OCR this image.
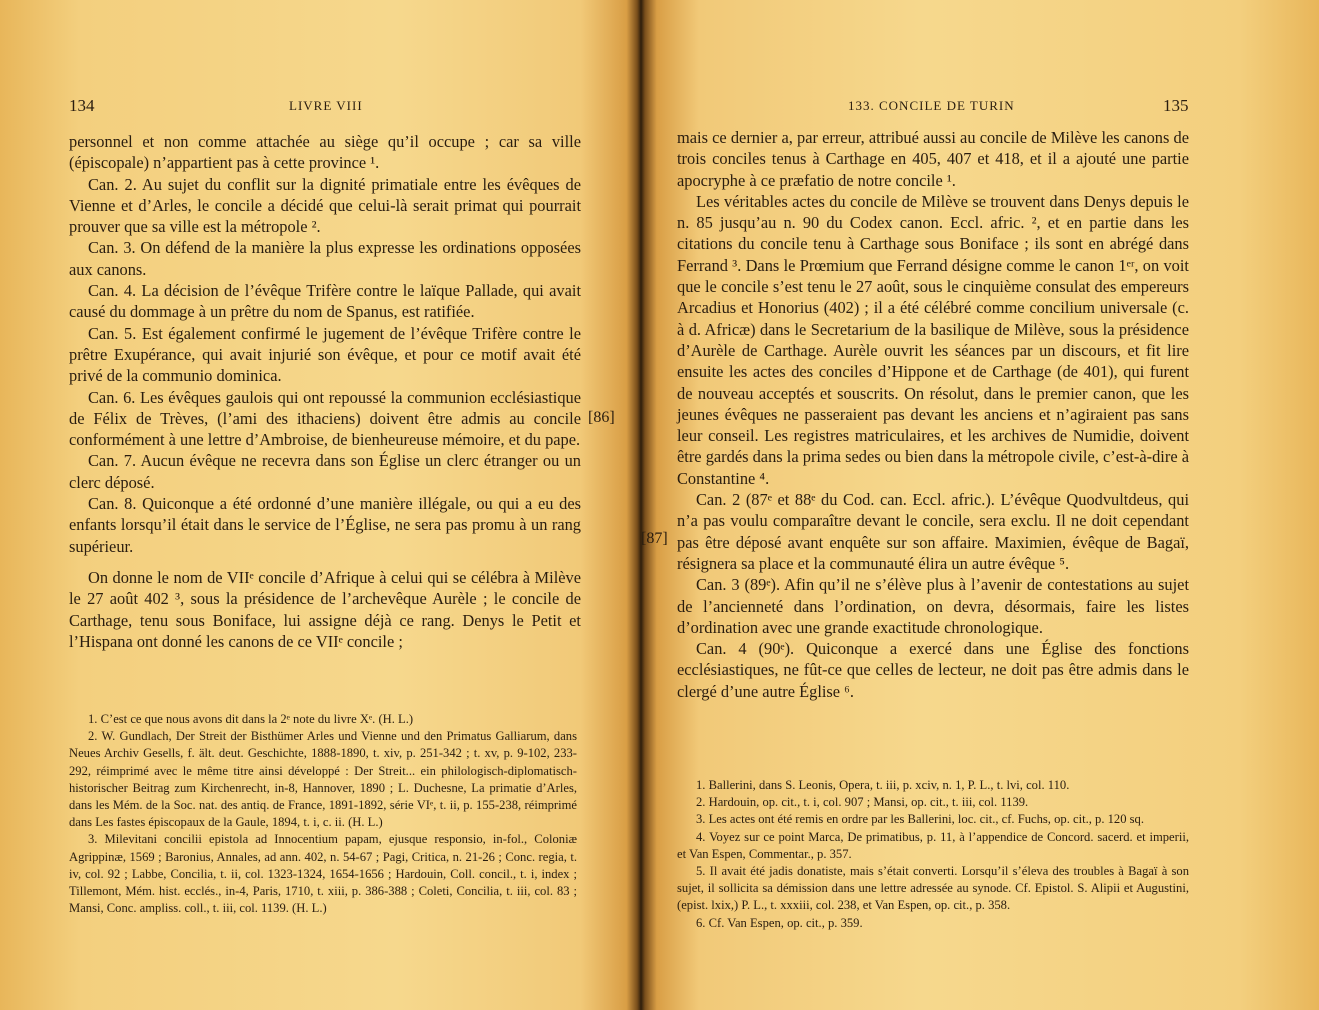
134	LIVRE VIII

personnel et non comme attachée au siège qu’il occupe ; car sa ville (épiscopale) n’appartient pas à cette province ¹.

Can. 2. Au sujet du conflit sur la dignité primatiale entre les évêques de Vienne et d’Arles, le concile a décidé que celui-là serait primat qui pourrait prouver que sa ville est la métropole ².

Can. 3. On défend de la manière la plus expresse les ordinations opposées aux canons.

Can. 4. La décision de l’évêque Trifère contre le laïque Pallade, qui avait causé du dommage à un prêtre du nom de Spanus, est ratifiée.

Can. 5. Est également confirmé le jugement de l’évêque Trifère contre le prêtre Exupérance, qui avait injurié son évêque, et pour ce motif avait été privé de la communio dominica.

Can. 6. Les évêques gaulois qui ont repoussé la communion ecclésiastique de Félix de Trèves, (l’ami des ithaciens) doivent être admis au concile conformément à une lettre d’Ambroise, de bienheureuse mémoire, et du pape.

Can. 7. Aucun évêque ne recevra dans son Église un clerc étranger ou un clerc déposé.

Can. 8. Quiconque a été ordonné d’une manière illégale, ou qui a eu des enfants lorsqu’il était dans le service de l’Église, ne sera pas promu à un rang supérieur.

On donne le nom de VIIᵉ concile d’Afrique à celui qui se célébra à Milève le 27 août 402 ³, sous la présidence de l’archevêque Aurèle ; le concile de Carthage, tenu sous Boniface, lui assigne déjà ce rang. Denys le Petit et l’Hispana ont donné les canons de ce VIIᵉ concile ;

1. C’est ce que nous avons dit dans la 2ᵉ note du livre Xᵉ. (H. L.)

2. W. Gundlach, Der Streit der Bisthümer Arles und Vienne und den Primatus Galliarum, dans Neues Archiv Gesells, f. ält. deut. Geschichte, 1888-1890, t. xiv, p. 251-342 ; t. xv, p. 9-102, 233-292, réimprimé avec le même titre ainsi développé : Der Streit... ein philologisch-diplomatisch-historischer Beitrag zum Kirchenrecht, in-8, Hannover, 1890 ; L. Duchesne, La primatie d’Arles, dans les Mém. de la Soc. nat. des antiq. de France, 1891-1892, série VIᵉ, t. ii, p. 155-238, réimprimé dans Les fastes épiscopaux de la Gaule, 1894, t. i, c. ii. (H. L.)

3. Milevitani concilii epistola ad Innocentium papam, ejusque responsio, in-fol., Coloniæ Agrippinæ, 1569 ; Baronius, Annales, ad ann. 402, n. 54-67 ; Pagi, Critica, n. 21-26 ; Conc. regia, t. iv, col. 92 ; Labbe, Concilia, t. ii, col. 1323-1324, 1654-1656 ; Hardouin, Coll. concil., t. i, index ; Tillemont, Mém. hist. ecclés., in-4, Paris, 1710, t. xiii, p. 386-388 ; Coleti, Concilia, t. iii, col. 83 ; Mansi, Conc. ampliss. coll., t. iii, col. 1139. (H. L.)

[86]
133. CONCILE DE TURIN	135

mais ce dernier a, par erreur, attribué aussi au concile de Milève les canons de trois conciles tenus à Carthage en 405, 407 et 418, et il a ajouté une partie apocryphe à ce præfatio de notre concile ¹.

Les véritables actes du concile de Milève se trouvent dans Denys depuis le n. 85 jusqu’au n. 90 du Codex canon. Eccl. afric. ², et en partie dans les citations du concile tenu à Carthage sous Boniface ; ils sont en abrégé dans Ferrand ³. Dans le Prœmium que Ferrand désigne comme le canon 1ᵉʳ, on voit que le concile s’est tenu le 27 août, sous le cinquième consulat des empereurs Arcadius et Honorius (402) ; il a été célébré comme concilium universale (c. à d. Africæ) dans le Secretarium de la basilique de Milève, sous la présidence d’Aurèle de Carthage. Aurèle ouvrit les séances par un discours, et fit lire ensuite les actes des conciles d’Hippone et de Carthage (de 401), qui furent de nouveau acceptés et souscrits. On résolut, dans le premier canon, que les jeunes évêques ne passeraient pas devant les anciens et n’agiraient pas sans leur conseil. Les registres matriculaires, et les archives de Numidie, doivent être gardés dans la prima sedes ou bien dans la métropole civile, c’est-à-dire à Constantine ⁴.

Can. 2 (87ᵉ et 88ᵉ du Cod. can. Eccl. afric.). L’évêque Quodvultdeus, qui n’a pas voulu comparaître devant le concile, sera exclu. Il ne doit cependant pas être déposé avant enquête sur son affaire. Maximien, évêque de Bagaï, résignera sa place et la communauté élira un autre évêque ⁵.

Can. 3 (89ᵉ). Afin qu’il ne s’élève plus à l’avenir de contestations au sujet de l’ancienneté dans l’ordination, on devra, désormais, faire les listes d’ordination avec une grande exactitude chronologique.

Can. 4 (90ᵉ). Quiconque a exercé dans une Église des fonctions ecclésiastiques, ne fût-ce que celles de lecteur, ne doit pas être admis dans le clergé d’une autre Église ⁶.

1. Ballerini, dans S. Leonis, Opera, t. iii, p. xciv, n. 1, P. L., t. lvi, col. 110.

2. Hardouin, op. cit., t. i, col. 907 ; Mansi, op. cit., t. iii, col. 1139.

3. Les actes ont été remis en ordre par les Ballerini, loc. cit., cf. Fuchs, op. cit., p. 120 sq.

4. Voyez sur ce point Marca, De primatibus, p. 11, à l’appendice de Concord. sacerd. et imperii, et Van Espen, Commentar., p. 357.

5. Il avait été jadis donatiste, mais s’était converti. Lorsqu’il s’éleva des troubles à Bagaï à son sujet, il sollicita sa démission dans une lettre adressée au synode. Cf. Epistol. S. Alipii et Augustini, (epist. lxix,) P. L., t. xxxiii, col. 238, et Van Espen, op. cit., p. 358.

6. Cf. Van Espen, op. cit., p. 359.

[87]
